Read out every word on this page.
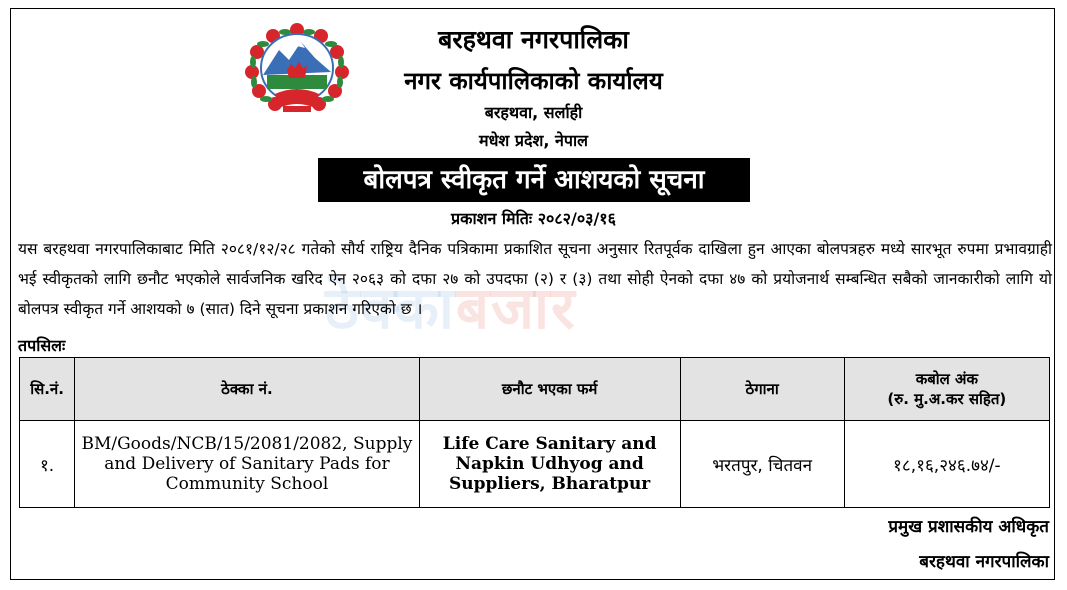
बरहथवा नगरपालिका
नगर कार्यपालिकाको कार्यालय
बरहथवा, सर्लाही
मधेश प्रदेश, नेपाल
बोलपत्र स्वीकृत गर्ने आशयको सूचना
प्रकाशन मितिः २०८२/०३/१६
ठेक्काबजार
यस बरहथवा नगरपालिकाबाट मिति २०८१/१२/२८ गतेको सौर्य राष्ट्रिय दैनिक पत्रिकामा प्रकाशित सूचना अनुसार रितपूर्वक दाखिला हुन आएका बोलपत्रहरु मध्ये सारभूत रुपमा प्रभावग्राही भई स्वीकृतको लागि छनौट भएकोले सार्वजनिक खरिद ऐन २०६३ को दफा २७ को उपदफा (२) र (३) तथा सोही ऐनको दफा ४७ को प्रयोजनार्थ सम्बन्धित सबैको जानकारीको लागि यो बोलपत्र स्वीकृत गर्ने आशयको ७ (सात) दिने सूचना प्रकाशन गरिएको छ ।
तपसिलः
सि.नं.	ठेक्का नं.	छनौट भएका फर्म	ठेगाना	कबोल अंक
(रु. मु.अ.कर सहित)

१.	BM/Goods/NCB/15/2081/2082, Supply and Delivery of Sanitary Pads for Community School	Life Care Sanitary and Napkin Udhyog and Suppliers, Bharatpur	भरतपुर, चितवन	१८,१६,२४६.७४/-
प्रमुख प्रशासकीय अधिकृत
बरहथवा नगरपालिका
